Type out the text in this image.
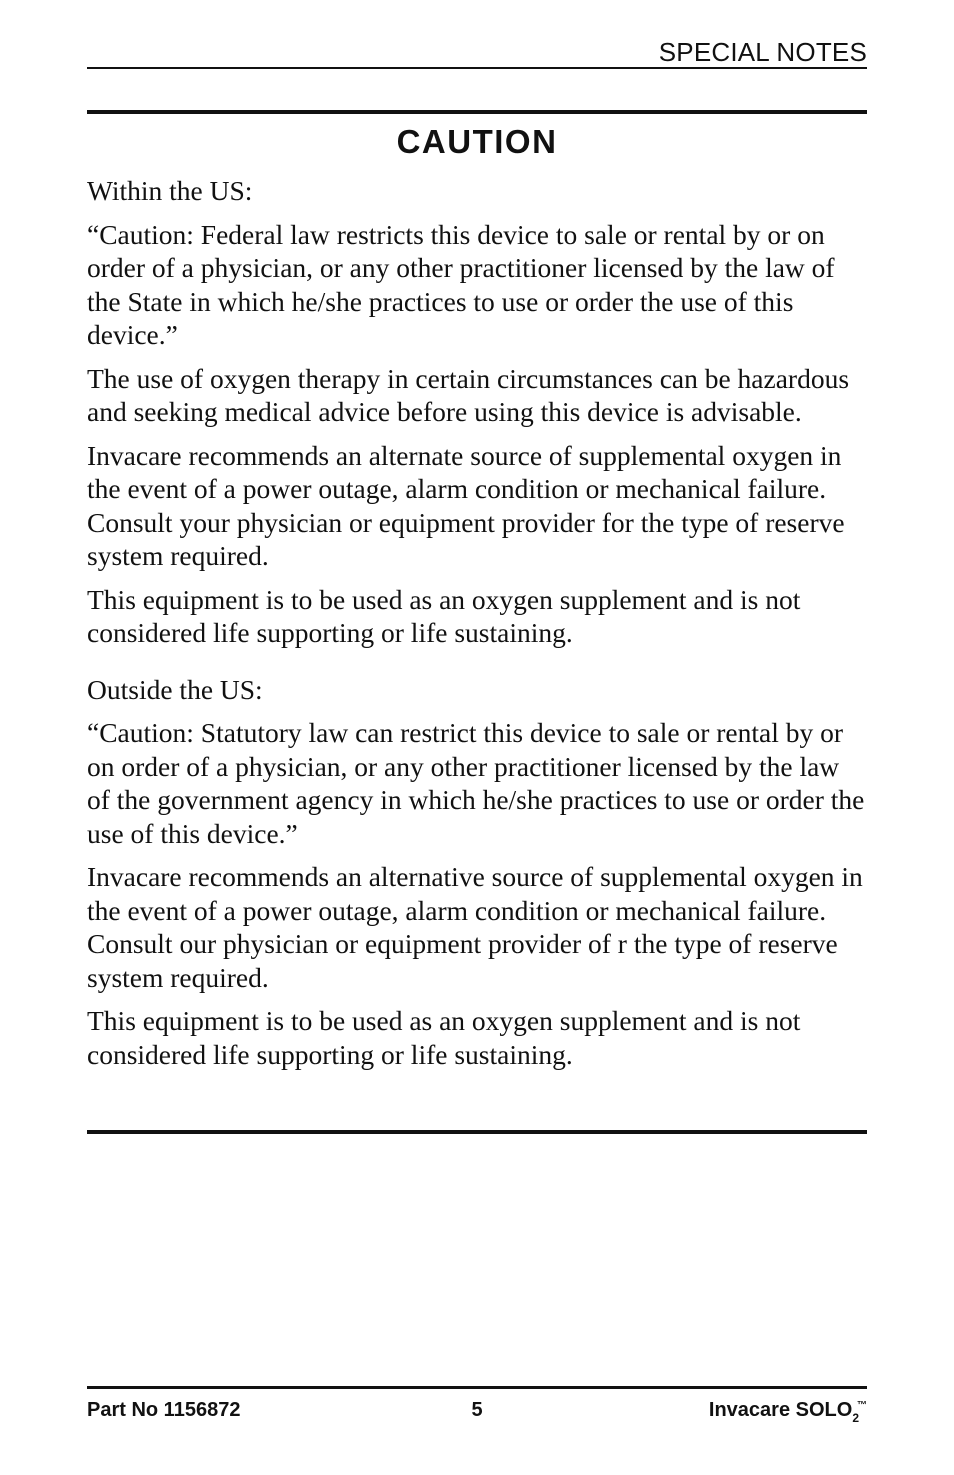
SPECIAL NOTES
CAUTION

Within the US:

“Caution: Federal law restricts this device to sale or rental by or on order of a physician, or any other practitioner licensed by the law of the State in which he/she practices to use or order the use of this device.”

The use of oxygen therapy in certain circumstances can be hazardous and seeking medical advice before using this device is advisable.

Invacare recommends an alternate source of supplemental oxygen in the event of a power outage, alarm condition or mechanical failure. Consult your physician or equipment provider for the type of reserve system required.

This equipment is to be used as an oxygen supplement and is not considered life supporting or life sustaining.

Outside the US:

“Caution: Statutory law can restrict this device to sale or rental by or on order of a physician, or any other practitioner licensed by the law of the government agency in which he/she practices to use or order the use of this device.”

Invacare recommends an alternative source of supplemental oxygen in the event of a power outage, alarm condition or mechanical failure. Consult our physician or equipment provider of r the type of reserve system required.

This equipment is to be used as an oxygen supplement and is not considered life supporting or life sustaining.

Part No 1156872	5	Invacare $SOLO_2$
™
